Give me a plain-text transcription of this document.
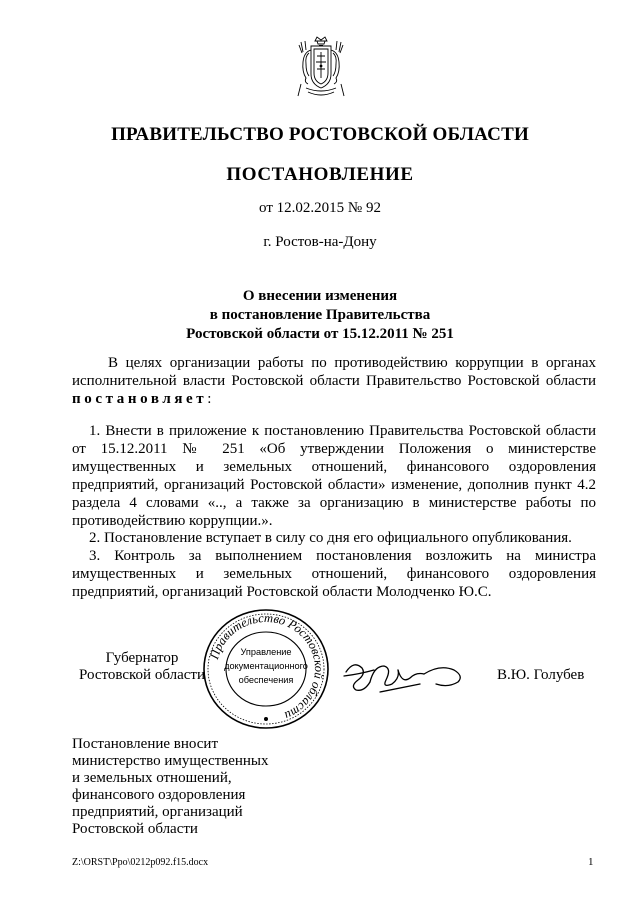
ПРАВИТЕЛЬСТВО РОСТОВСКОЙ ОБЛАСТИ
ПОСТАНОВЛЕНИЕ
от 12.02.2015 № 92
г. Ростов-на-Дону
О внесении изменения
в постановление Правительства
Ростовской области от 15.12.2011 № 251
В целях организации работы по противодействию коррупции в органах исполнительной власти Ростовской области Правительство Ростовской области постановляет:
1. Внести в приложение к постановлению Правительства Ростовской области от 15.12.2011 № 251 «Об утверждении Положения о министерстве имущественных и земельных отношений, финансового оздоровления предприятий, организаций Ростовской области» изменение, дополнив пункт 4.2 раздела 4 словами «.., а также за организацию в министерстве работы по противодействию коррупции.».
2. Постановление вступает в силу со дня его официального опубликования.
3. Контроль за выполнением постановления возложить на министра имущественных и земельных отношений, финансового оздоровления предприятий, организаций Ростовской области Молодченко Ю.С.
Губернатор
Ростовской области
Правительство Ростовской области
Управление
документационного
обеспечения	В.Ю. Голубев
Постановление вносит
министерство имущественных
и земельных отношений,
финансового оздоровления
предприятий, организаций
Ростовской области
Z:\ORST\Ppo\0212p092.f15.docx	1
